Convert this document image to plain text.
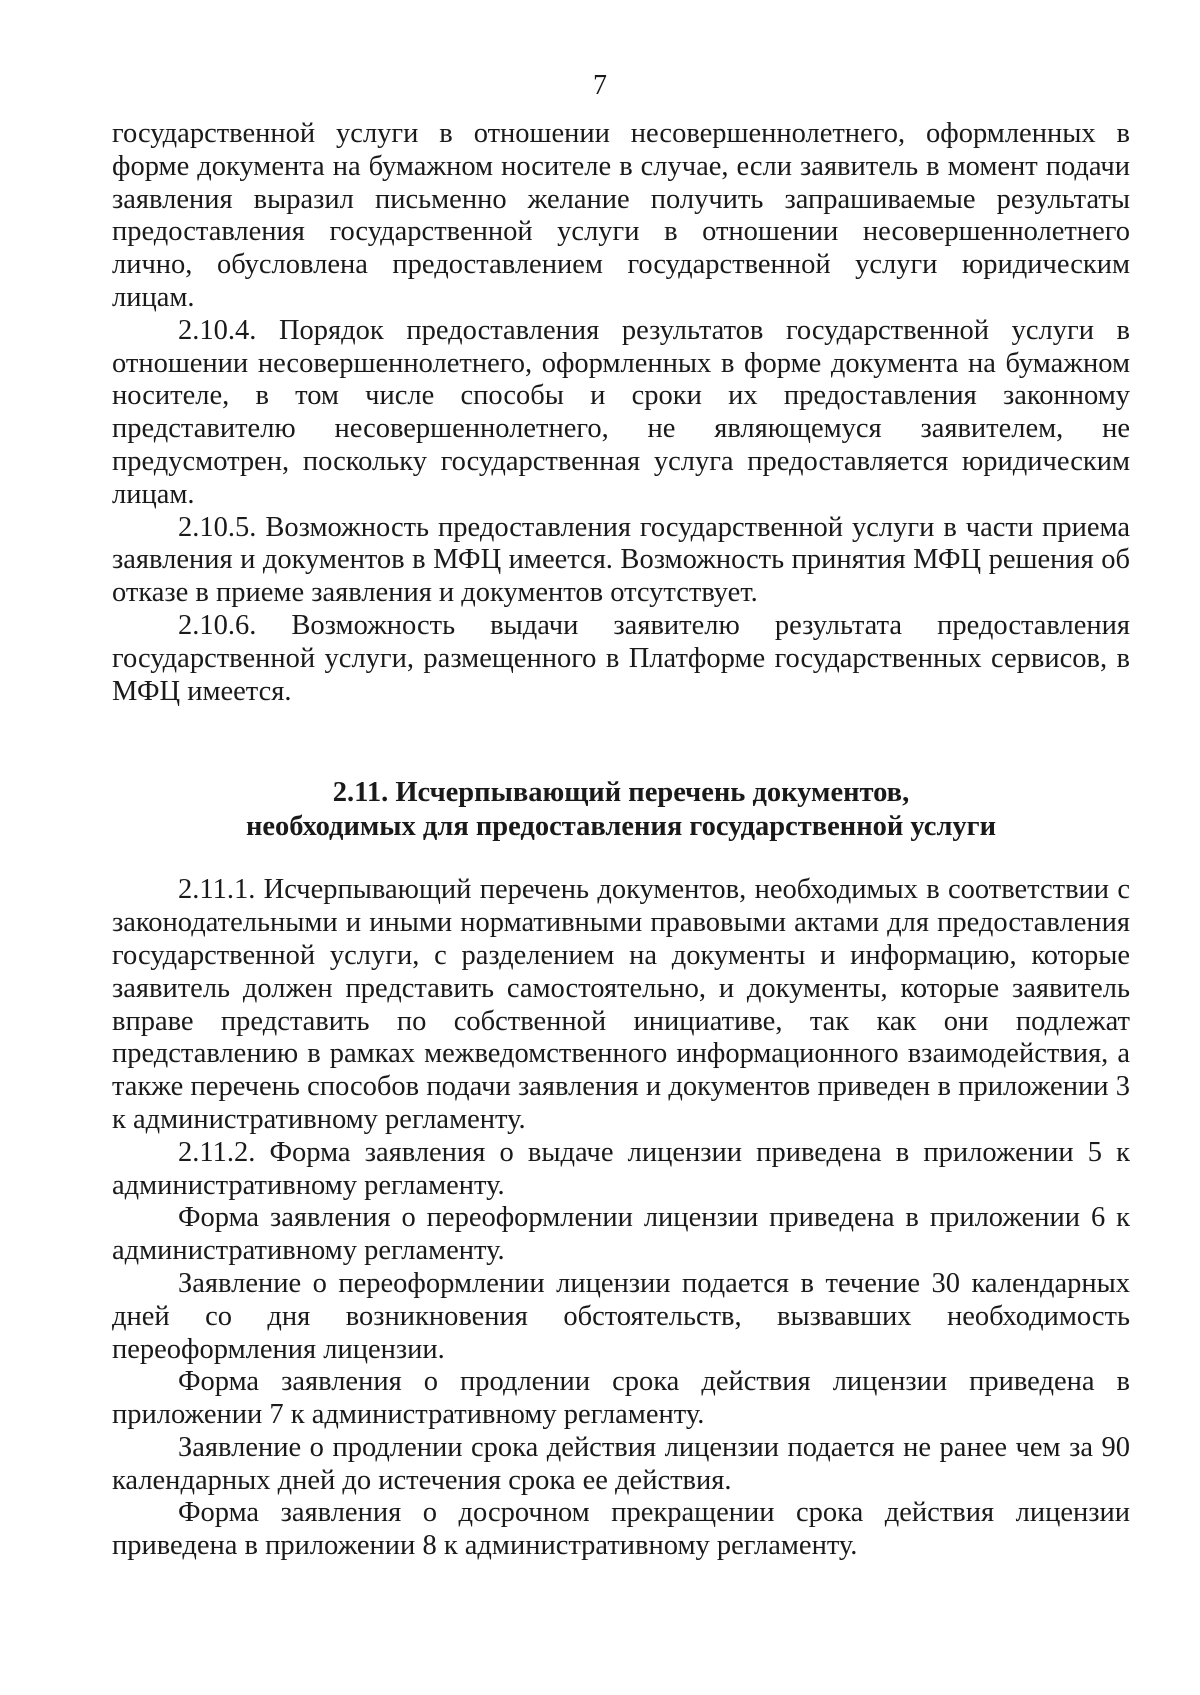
7

государственной услуги в отношении несовершеннолетнего, оформленных в форме документа на бумажном носителе в случае, если заявитель в момент подачи заявления выразил письменно желание получить запрашиваемые результаты предоставления государственной услуги в отношении несовершеннолетнего лично, обусловлена предоставлением государственной услуги юридическим лицам.

2.10.4. Порядок предоставления результатов государственной услуги в отношении несовершеннолетнего, оформленных в форме документа на бумажном носителе, в том числе способы и сроки их предоставления законному представителю несовершеннолетнего, не являющемуся заявителем, не предусмотрен, поскольку государственная услуга предоставляется юридическим лицам.

2.10.5. Возможность предоставления государственной услуги в части приема заявления и документов в МФЦ имеется. Возможность принятия МФЦ решения об отказе в приеме заявления и документов отсутствует.

2.10.6. Возможность выдачи заявителю результата предоставления государственной услуги, размещенного в Платформе государственных сервисов, в МФЦ имеется.

2.11. Исчерпывающий перечень документов,
необходимых для предоставления государственной услуги

2.11.1. Исчерпывающий перечень документов, необходимых в соответствии с законодательными и иными нормативными правовыми актами для предоставления государственной услуги, с разделением на документы и информацию, которые заявитель должен представить самостоятельно, и документы, которые заявитель вправе представить по собственной инициативе, так как они подлежат представлению в рамках межведомственного информационного взаимодействия, а также перечень способов подачи заявления и документов приведен в приложении 3 к административному регламенту.

2.11.2. Форма заявления о выдаче лицензии приведена в приложении 5 к административному регламенту.

Форма заявления о переоформлении лицензии приведена в приложении 6 к административному регламенту.

Заявление о переоформлении лицензии подается в течение 30 календарных дней со дня возникновения обстоятельств, вызвавших необходимость переоформления лицензии.

Форма заявления о продлении срока действия лицензии приведена в приложении 7 к административному регламенту.

Заявление о продлении срока действия лицензии подается не ранее чем за 90 календарных дней до истечения срока ее действия.

Форма заявления о досрочном прекращении срока действия лицензии приведена в приложении 8 к административному регламенту.
